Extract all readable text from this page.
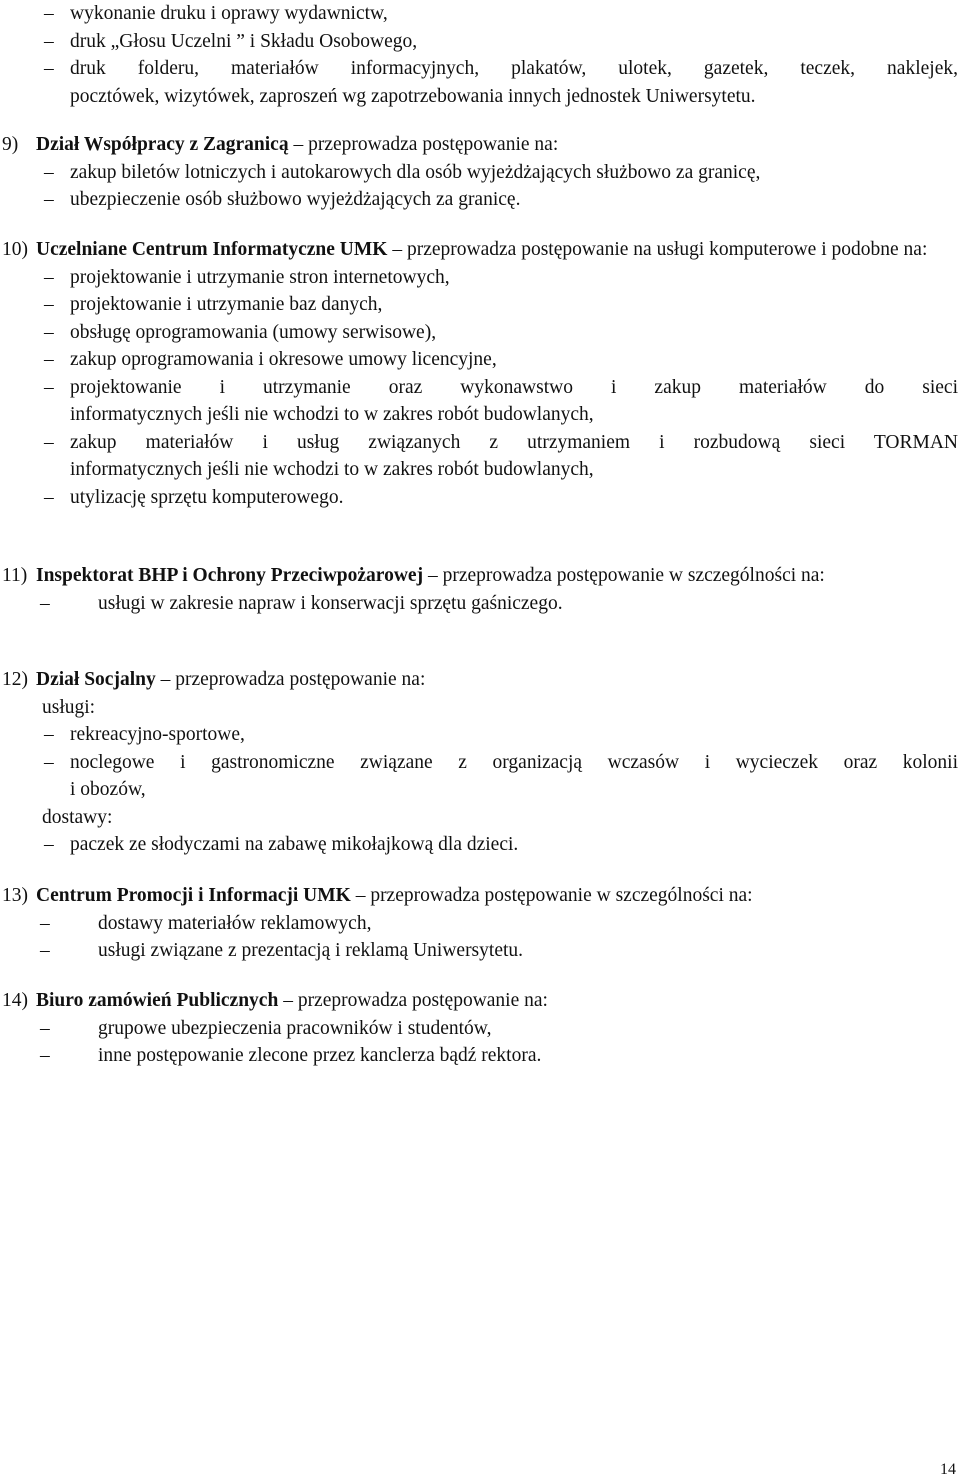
– wykonanie druku i oprawy wydawnictw,
– druk „Głosu Uczelni ” i Składu Osobowego,
– druk folderu, materiałów informacyjnych, plakatów, ulotek, gazetek, teczek, naklejek,
pocztówek, wizytówek, zaproszeń wg zapotrzebowania innych jednostek Uniwersytetu.
9) Dział Współpracy z Zagranicą – przeprowadza postępowanie na:

– zakup biletów lotniczych i autokarowych dla osób wyjeżdżających służbowo za granicę,
– ubezpieczenie osób służbowo wyjeżdżających za granicę.
10) Uczelniane Centrum Informatyczne UMK – przeprowadza postępowanie na usługi komputerowe i podobne na:

– projektowanie i utrzymanie stron internetowych,
– projektowanie i utrzymanie baz danych,
– obsługę oprogramowania (umowy serwisowe),
– zakup oprogramowania i okresowe umowy licencyjne,
– projektowanie i utrzymanie oraz wykonawstwo i zakup materiałów do sieci
informatycznych jeśli nie wchodzi to w zakres robót budowlanych,
– zakup materiałów i usług związanych z utrzymaniem i rozbudową sieci TORMAN
informatycznych jeśli nie wchodzi to w zakres robót budowlanych,
– utylizację sprzętu komputerowego.
11) Inspektorat BHP i Ochrony Przeciwpożarowej – przeprowadza postępowanie w szczególności na:

– usługi w zakresie napraw i konserwacji sprzętu gaśniczego.
12) Dział Socjalny – przeprowadza postępowanie na:

usługi:

– rekreacyjno-sportowe,
– noclegowe i gastronomiczne związane z organizacją wczasów i wycieczek oraz kolonii
i obozów,

dostawy:

– paczek ze słodyczami na zabawę mikołajkową dla dzieci.
13) Centrum Promocji i Informacji UMK – przeprowadza postępowanie w szczególności na:

– dostawy materiałów reklamowych,
– usługi związane z prezentacją i reklamą Uniwersytetu.
14) Biuro zamówień Publicznych – przeprowadza postępowanie na:

– grupowe ubezpieczenia pracowników i studentów,
– inne postępowanie zlecone przez kanclerza bądź rektora.
14
